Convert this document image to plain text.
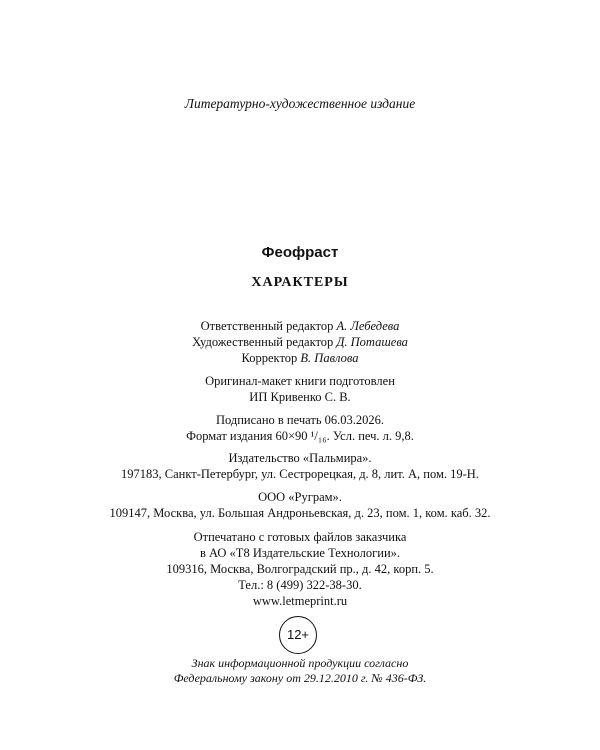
Литературно-художественное издание
Феофраст
ХАРАКТЕРЫ
Ответственный редактор А. Лебедева
Художественный редактор Д. Поташева
Корректор В. Павлова
Оригинал-макет книги подготовлен
ИП Кривенко С. В.
Подписано в печать 06.03.2026.
Формат издания 60×90 ¹/₁₆. Усл. печ. л. 9,8.
Издательство «Пальмира».
197183, Санкт-Петербург, ул. Сестрорецкая, д. 8, лит. А, пом. 19-Н.
ООО «Руграм».
109147, Москва, ул. Большая Андроньевская, д. 23, пом. 1, ком. каб. 32.
Отпечатано с готовых файлов заказчика
в АО «Т8 Издательские Технологии».
109316, Москва, Волгоградский пр., д. 42, корп. 5.
Тел.: 8 (499) 322-38-30.
www.letmeprint.ru
12+
Знак информационной продукции согласно
Федеральному закону от 29.12.2010 г. № 436-ФЗ.
